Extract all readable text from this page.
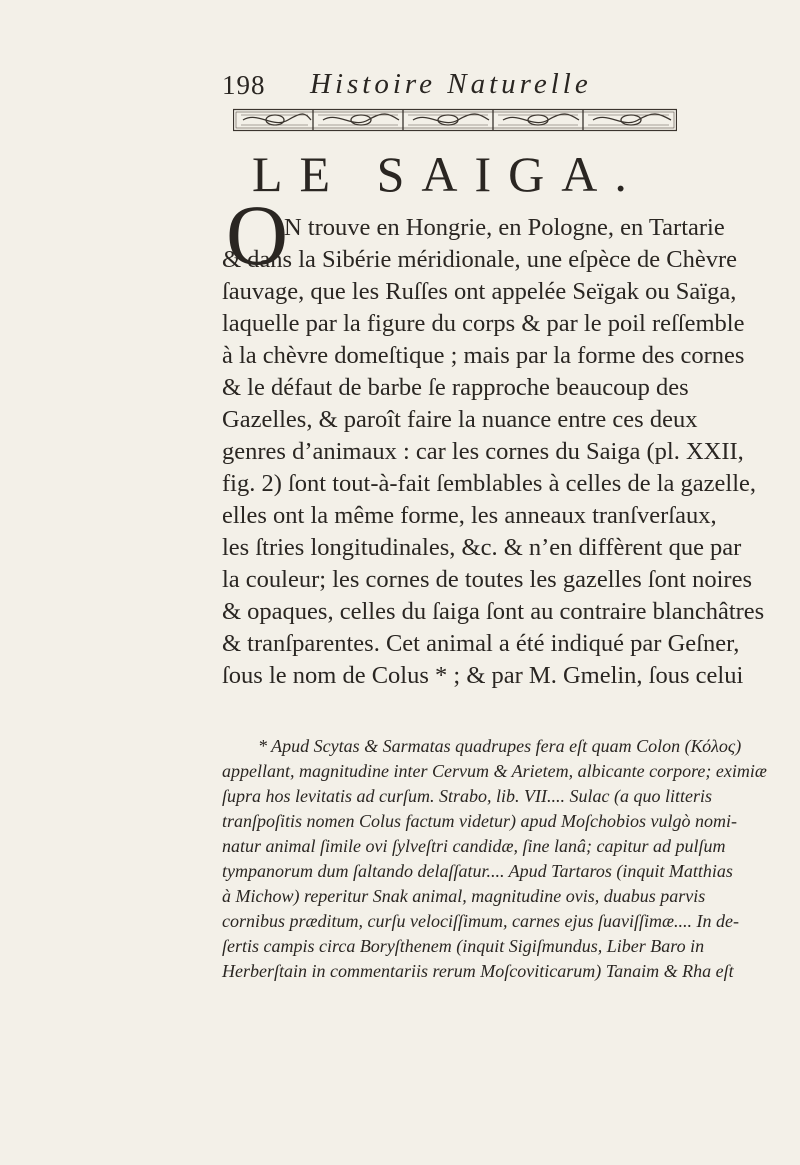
198 Histoire Naturelle
LE SAIGA.
O
N trouve en Hongrie, en Pologne, en Tartarie
& dans la Sibérie méridionale, une eſpèce de Chèvre
ſauvage, que les Ruſſes ont appelée Seïgak ou Saïga,
laquelle par la figure du corps & par le poil reſſemble
à la chèvre domeſtique ; mais par la forme des cornes
& le défaut de barbe ſe rapproche beaucoup des
Gazelles, & paroît faire la nuance entre ces deux
genres d’animaux : car les cornes du Saiga (pl. XXII,
fig. 2) ſont tout-à-fait ſemblables à celles de la gazelle,
elles ont la même forme, les anneaux tranſverſaux,
les ſtries longitudinales, &c. & n’en diffèrent que par
la couleur; les cornes de toutes les gazelles ſont noires
& opaques, celles du ſaiga ſont au contraire blanchâtres
& tranſparentes. Cet animal a été indiqué par Geſner,
ſous le nom de Colus * ; & par M. Gmelin, ſous celui
* Apud Scytas & Sarmatas quadrupes fera eſt quam Colon (Κόλος)
appellant, magnitudine inter Cervum & Arietem, albicante corpore; eximiæ
ſupra hos levitatis ad curſum. Strabo, lib. VII.... Sulac (a quo litteris
tranſpoſitis nomen Colus factum videtur) apud Moſchobios vulgò nomi-
natur animal ſimile ovi ſylveſtri candidæ, ſine lanâ; capitur ad pulſum
tympanorum dum ſaltando delaſſatur.... Apud Tartaros (inquit Matthias
à Michow) reperitur Snak animal, magnitudine ovis, duabus parvis
cornibus præditum, curſu velociſſimum, carnes ejus ſuaviſſimæ.... In de-
ſertis campis circa Boryſthenem (inquit Sigiſmundus, Liber Baro in
Herberſtain in commentariis rerum Moſcoviticarum) Tanaim & Rha eſt
